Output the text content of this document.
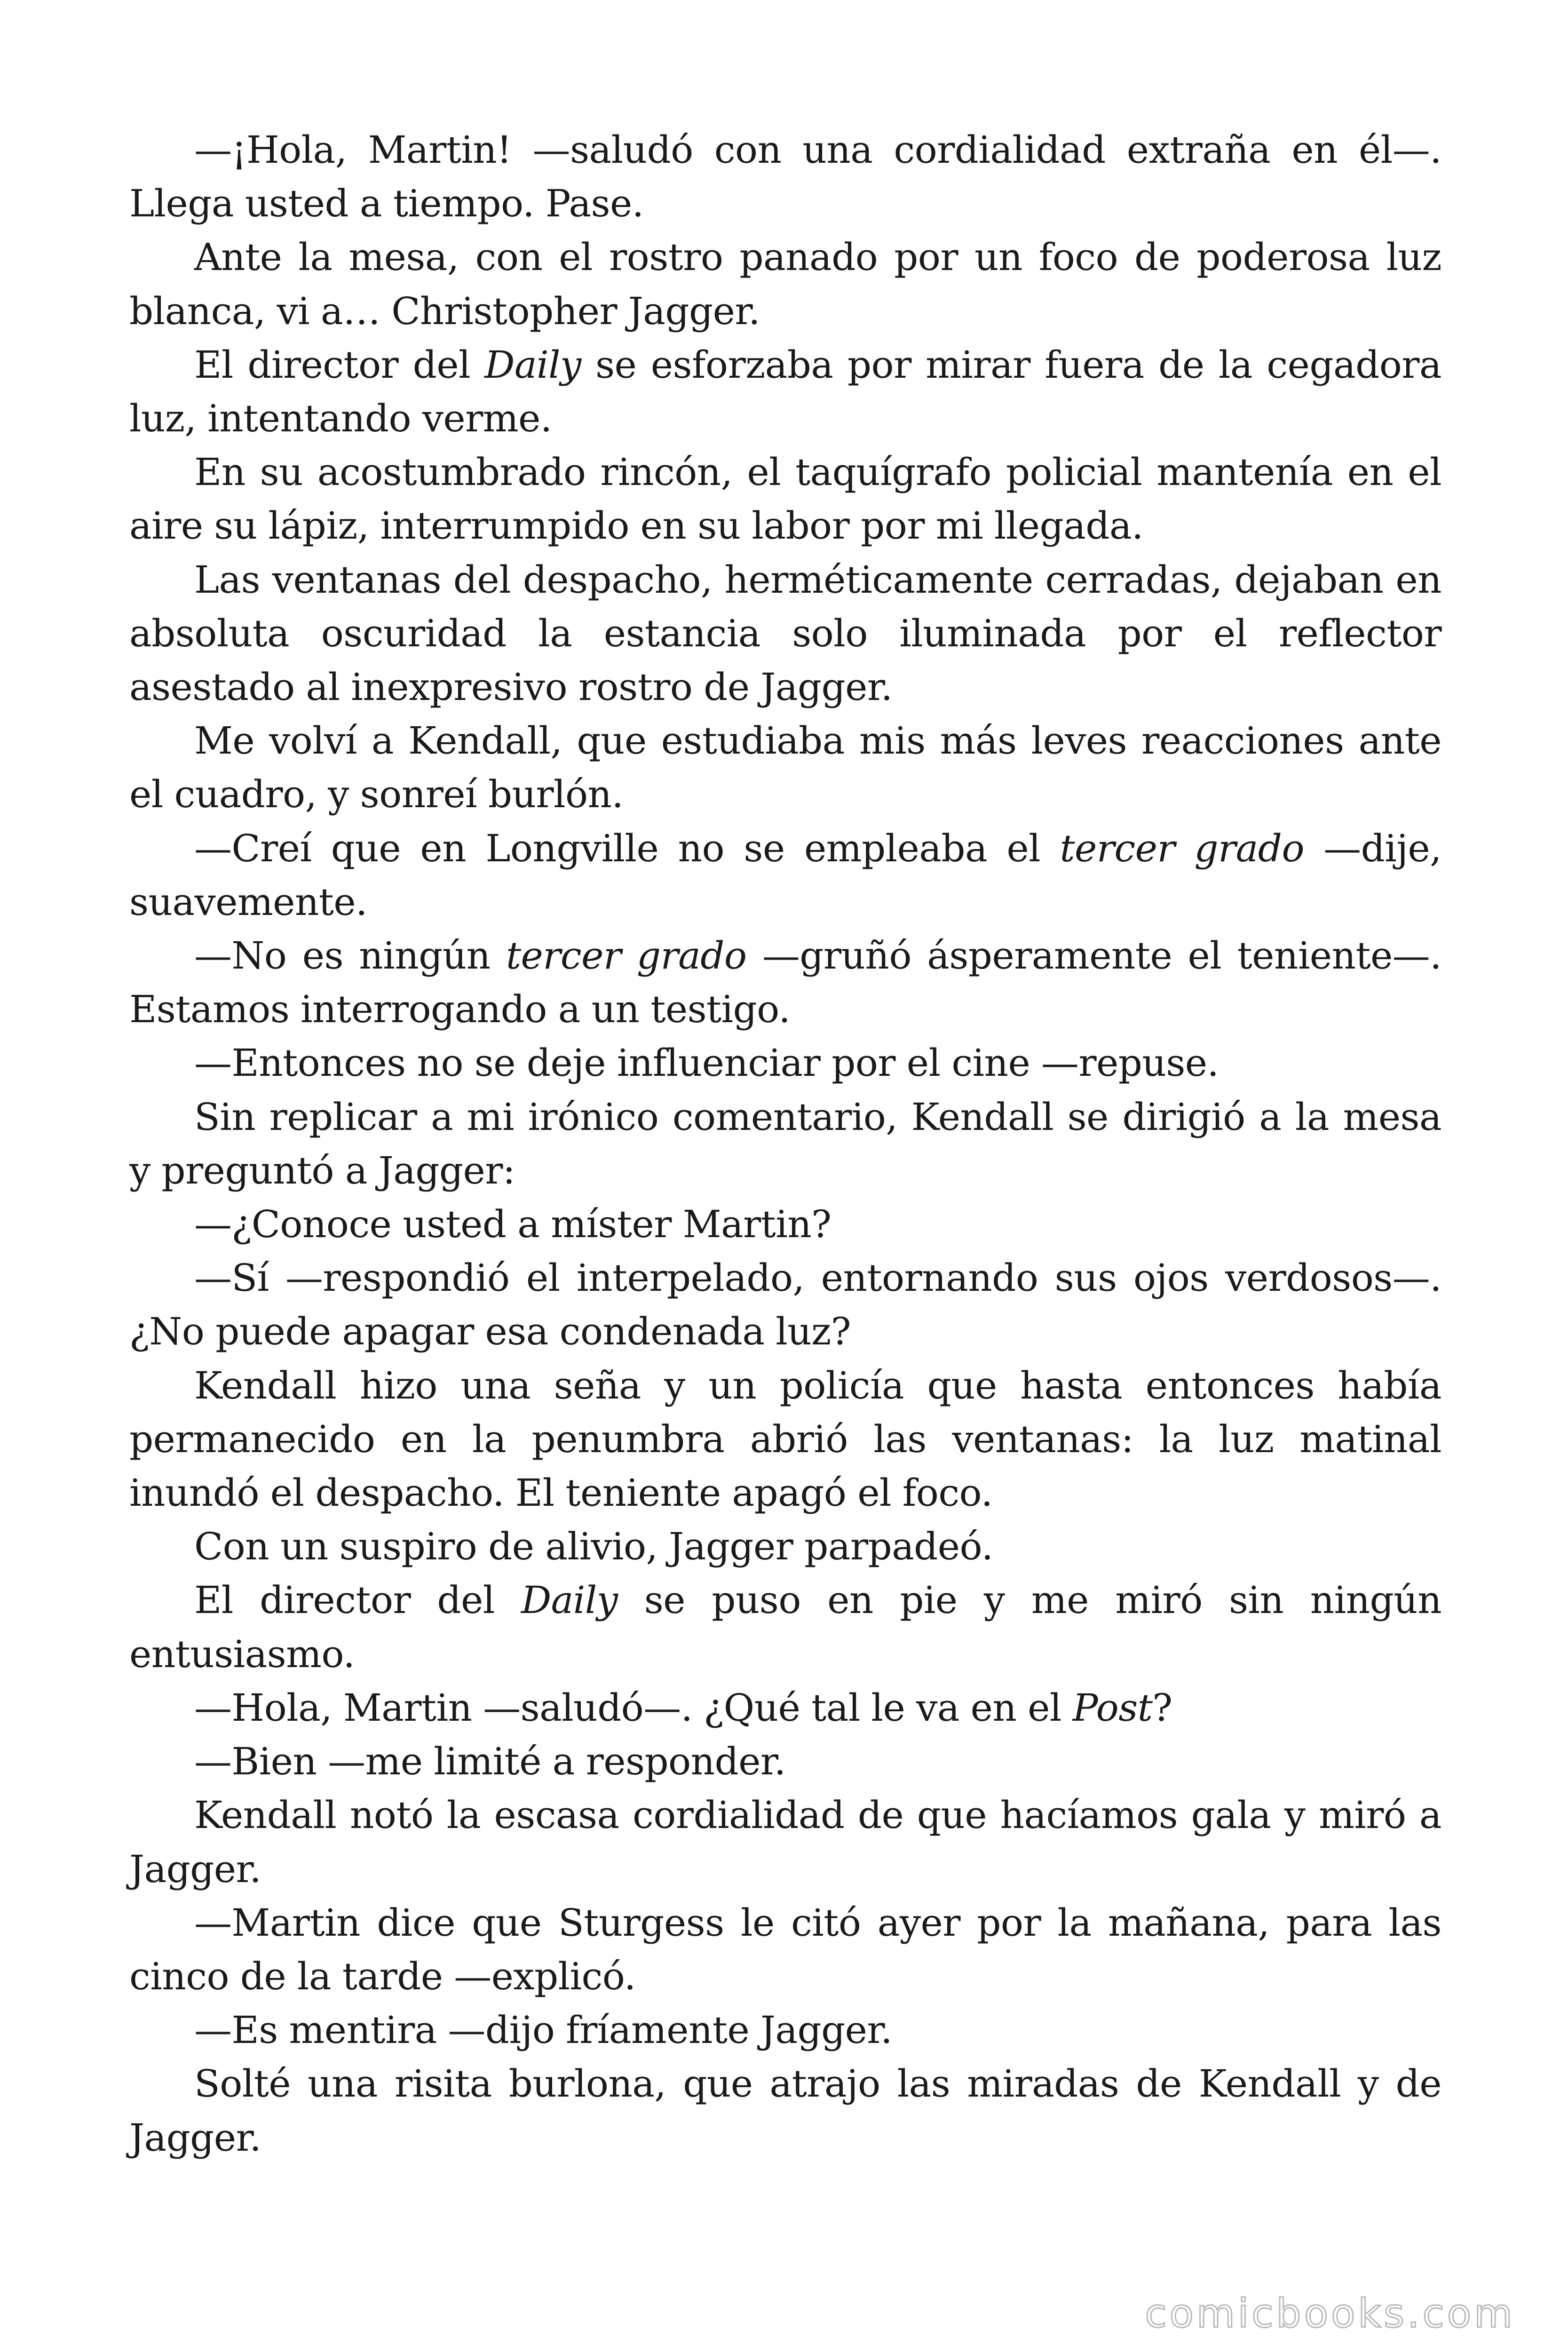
—¡Hola, Martin! —saludó con una cordialidad extraña en él—. Llega usted a tiempo. Pase.

Ante la mesa, con el rostro panado por un foco de poderosa luz blanca, vi a… Christopher Jagger.

El director del Daily se esforzaba por mirar fuera de la cegadora luz, intentando verme.

En su acostumbrado rincón, el taquígrafo policial mantenía en el aire su lápiz, interrumpido en su labor por mi llegada.

Las ventanas del despacho, herméticamente cerradas, dejaban en absoluta oscuridad la estancia solo iluminada por el reflector asestado al inexpresivo rostro de Jagger.

Me volví a Kendall, que estudiaba mis más leves reacciones ante el cuadro, y sonreí burlón.

—Creí que en Longville no se empleaba el tercer grado —dije, suavemente.

—No es ningún tercer grado —gruñó ásperamente el teniente—. Estamos interrogando a un testigo.

—Entonces no se deje influenciar por el cine —repuse.

Sin replicar a mi irónico comentario, Kendall se dirigió a la mesa y preguntó a Jagger:

—¿Conoce usted a míster Martin?

—Sí —respondió el interpelado, entornando sus ojos verdosos—. ¿No puede apagar esa condenada luz?

Kendall hizo una seña y un policía que hasta entonces había permanecido en la penumbra abrió las ventanas: la luz matinal inundó el despacho. El teniente apagó el foco.

Con un suspiro de alivio, Jagger parpadeó.

El director del Daily se puso en pie y me miró sin ningún entusiasmo.

—Hola, Martin —saludó—. ¿Qué tal le va en el Post?

—Bien —me limité a responder.

Kendall notó la escasa cordialidad de que hacíamos gala y miró a Jagger.

—Martin dice que Sturgess le citó ayer por la mañana, para las cinco de la tarde —explicó.

—Es mentira —dijo fríamente Jagger.

Solté una risita burlona, que atrajo las miradas de Kendall y de Jagger.

comicbooks.com
